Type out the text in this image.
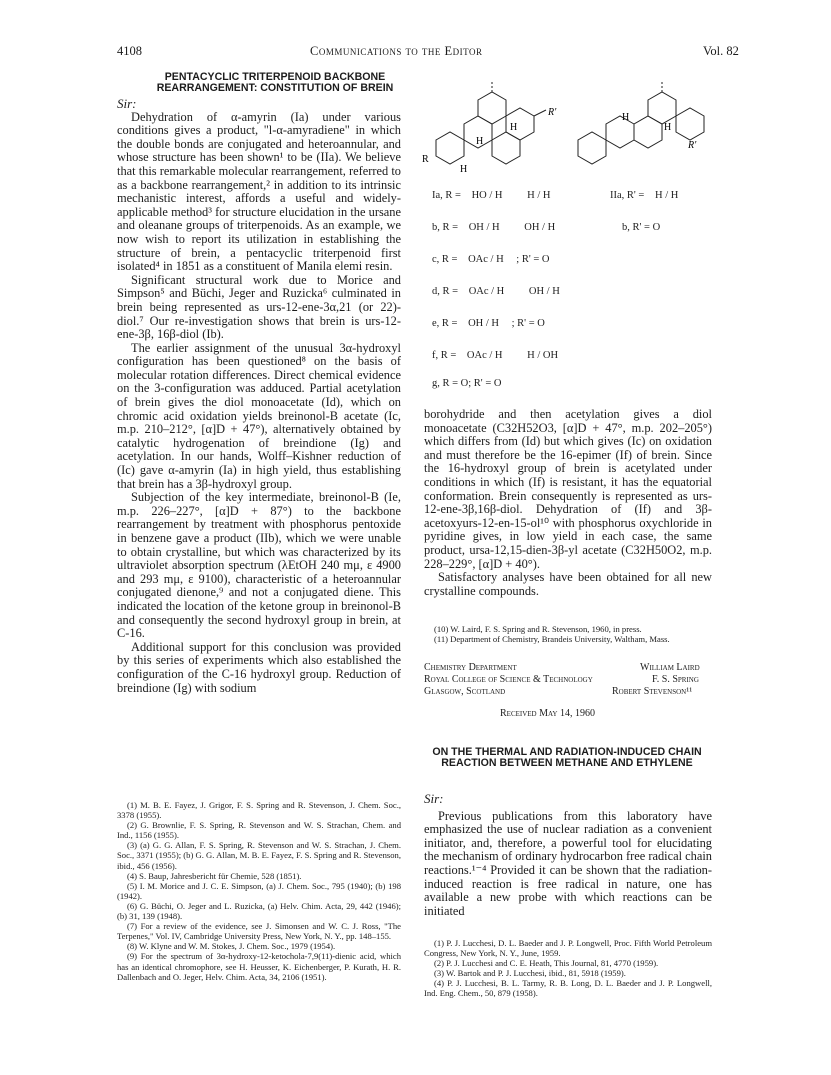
4108	Communications to the Editor	Vol. 82
PENTACYCLIC TRITERPENOID BACKBONE REARRANGEMENT: CONSTITUTION OF BREIN

Sir:

Dehydration of α-amyrin (Ia) under various conditions gives a product, "l-α-amyradiene" in which the double bonds are conjugated and heteroannular, and whose structure has been shown¹ to be (IIa). We believe that this remarkable molecular rearrangement, referred to as a backbone rearrangement,² in addition to its intrinsic mechanistic interest, affords a useful and widely-applicable method³ for structure elucidation in the ursane and oleanane groups of triterpenoids. As an example, we now wish to report its utilization in establishing the structure of brein, a pentacyclic triterpenoid first isolated⁴ in 1851 as a constituent of Manila elemi resin.

Significant structural work due to Morice and Simpson⁵ and Büchi, Jeger and Ruzicka⁶ culminated in brein being represented as urs-12-ene-3α,21 (or 22)-diol.⁷ Our re-investigation shows that brein is urs-12-ene-3β, 16β-diol (Ib).

The earlier assignment of the unusual 3α-hydroxyl configuration has been questioned⁸ on the basis of molecular rotation differences. Direct chemical evidence on the 3-configuration was adduced. Partial acetylation of brein gives the diol monoacetate (Id), which on chromic acid oxidation yields breinonol-B acetate (Ic, m.p. 210–212°, [α]D + 47°), alternatively obtained by catalytic hydrogenation of breindione (Ig) and acetylation. In our hands, Wolff–Kishner reduction of (Ic) gave α-amyrin (Ia) in high yield, thus establishing that brein has a 3β-hydroxyl group.

Subjection of the key intermediate, breinonol-B (Ie, m.p. 226–227°, [α]D + 87°) to the backbone rearrangement by treatment with phosphorus pentoxide in benzene gave a product (IIb), which we were unable to obtain crystalline, but which was characterized by its ultraviolet absorption spectrum (λEtOH 240 mμ, ε 4900 and 293 mμ, ε 9100), characteristic of a heteroannular conjugated dienone,⁹ and not a conjugated diene. This indicated the location of the ketone group in breinonol-B and consequently the second hydroxyl group in brein, at C-16.

Additional support for this conclusion was provided by this series of experiments which also established the configuration of the C-16 hydroxyl group. Reduction of breindione (Ig) with sodium

(1) M. B. E. Fayez, J. Grigor, F. S. Spring and R. Stevenson, J. Chem. Soc., 3378 (1955).
(2) G. Brownlie, F. S. Spring, R. Stevenson and W. S. Strachan, Chem. and Ind., 1156 (1955).
(3) (a) G. G. Allan, F. S. Spring, R. Stevenson and W. S. Strachan, J. Chem. Soc., 3371 (1955); (b) G. G. Allan, M. B. E. Fayez, F. S. Spring and R. Stevenson, ibid., 456 (1956).
(4) S. Baup, Jahresbericht für Chemie, 528 (1851).
(5) I. M. Morice and J. C. E. Simpson, (a) J. Chem. Soc., 795 (1940); (b) 198 (1942).
(6) G. Büchi, O. Jeger and L. Ruzicka, (a) Helv. Chim. Acta, 29, 442 (1946); (b) 31, 139 (1948).
(7) For a review of the evidence, see J. Simonsen and W. C. J. Ross, "The Terpenes," Vol. IV, Cambridge University Press, New York, N. Y., pp. 148–155.
(8) W. Klyne and W. M. Stokes, J. Chem. Soc., 1979 (1954).
(9) For the spectrum of 3α-hydroxy-12-ketochola-7,9(11)-dienic acid, which has an identical chromophore, see H. Heusser, K. Eichenberger, P. Kurath, H. R. Dallenbach and O. Jeger, Helv. Chim. Acta, 34, 2106 (1951).
H
H
H
R
R'	H
H
R'
Ia, R = HO / H H / H
b, R = OH / H OH / H
c, R = OAc / H ; R' = O
d, R = OAc / H OH / H
e, R = OH / H ; R' = O
f, R = OAc / H H / OH
g, R = O; R' = O
IIa, R' = H / H
b, R' = O

borohydride and then acetylation gives a diol monoacetate (C32H52O3, [α]D + 47°, m.p. 202–205°) which differs from (Id) but which gives (Ic) on oxidation and must therefore be the 16-epimer (If) of brein. Since the 16-hydroxyl group of brein is acetylated under conditions in which (If) is resistant, it has the equatorial conformation. Brein consequently is represented as urs-12-ene-3β,16β-diol. Dehydration of (If) and 3β-acetoxyurs-12-en-15-ol¹⁰ with phosphorus oxychloride in pyridine gives, in low yield in each case, the same product, ursa-12,15-dien-3β-yl acetate (C32H50O2, m.p. 228–229°, [α]D + 40°).

Satisfactory analyses have been obtained for all new crystalline compounds.

(10) W. Laird, F. S. Spring and R. Stevenson, 1960, in press.
(11) Department of Chemistry, Brandeis University, Waltham, Mass.
Chemistry Department
Royal College of Science & Technology
Glasgow, Scotland
William Laird
F. S. Spring
Robert Stevenson¹¹
Received May 14, 1960
ON THE THERMAL AND RADIATION-INDUCED CHAIN REACTION BETWEEN METHANE AND ETHYLENE

Sir:

Previous publications from this laboratory have emphasized the use of nuclear radiation as a convenient initiator, and, therefore, a powerful tool for elucidating the mechanism of ordinary hydrocarbon free radical chain reactions.¹⁻⁴ Provided it can be shown that the radiation-induced reaction is free radical in nature, one has available a new probe with which reactions can be initiated

(1) P. J. Lucchesi, D. L. Baeder and J. P. Longwell, Proc. Fifth World Petroleum Congress, New York, N. Y., June, 1959.
(2) P. J. Lucchesi and C. E. Heath, This Journal, 81, 4770 (1959).
(3) W. Bartok and P. J. Lucchesi, ibid., 81, 5918 (1959).
(4) P. J. Lucchesi, B. L. Tarmy, R. B. Long, D. L. Baeder and J. P. Longwell, Ind. Eng. Chem., 50, 879 (1958).
